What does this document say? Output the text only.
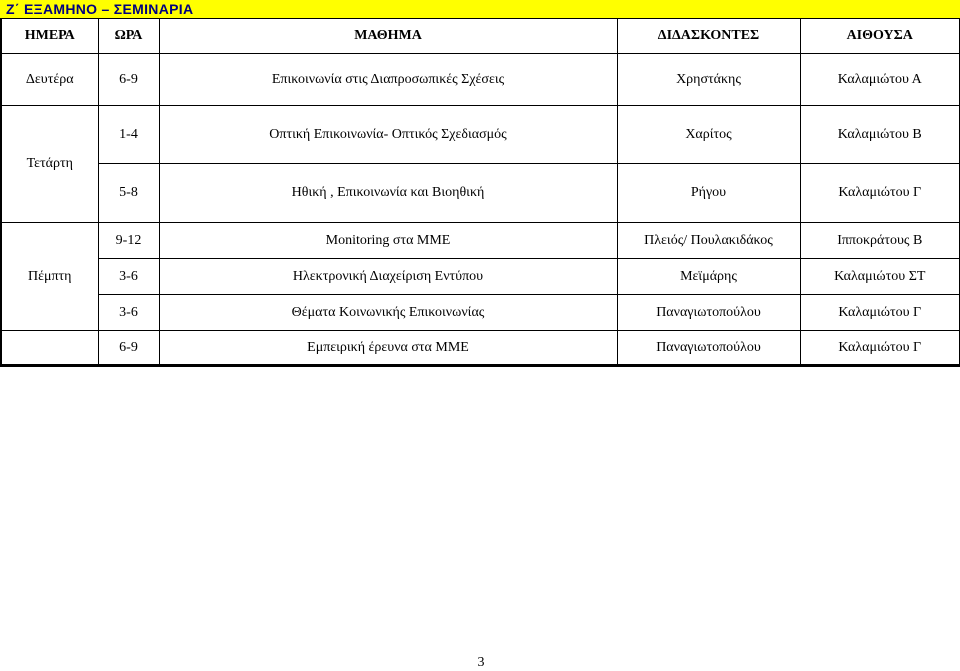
Ζ΄ ΕΞΑΜΗΝΟ – ΣΕΜΙΝΑΡΙΑ
ΗΜΕΡΑ	ΩΡΑ	ΜΑΘΗΜΑ	ΔΙΔΑΣΚΟΝΤΕΣ	ΑΙΘΟΥΣΑ
Δευτέρα	6-9	Επικοινωνία στις Διαπροσωπικές Σχέσεις	Χρηστάκης	Καλαμιώτου Α
Τετάρτη	1-4	Οπτική Επικοινωνία- Οπτικός Σχεδιασμός	Χαρίτος	Καλαμιώτου Β
	5-8	Ηθική , Επικοινωνία και Βιοηθική	Ρήγου	Καλαμιώτου Γ
Πέμπτη	9-12	Monitoring στα ΜΜΕ	Πλειός/ Πουλακιδάκος	Ιπποκράτους Β
	3-6	Ηλεκτρονική Διαχείριση Εντύπου	Μεϊμάρης	Καλαμιώτου ΣΤ
	3-6	Θέματα Κοινωνικής Επικοινωνίας	Παναγιωτοπούλου	Καλαμιώτου Γ
	6-9	Εμπειρική έρευνα στα ΜΜΕ	Παναγιωτοπούλου	Καλαμιώτου Γ
3
